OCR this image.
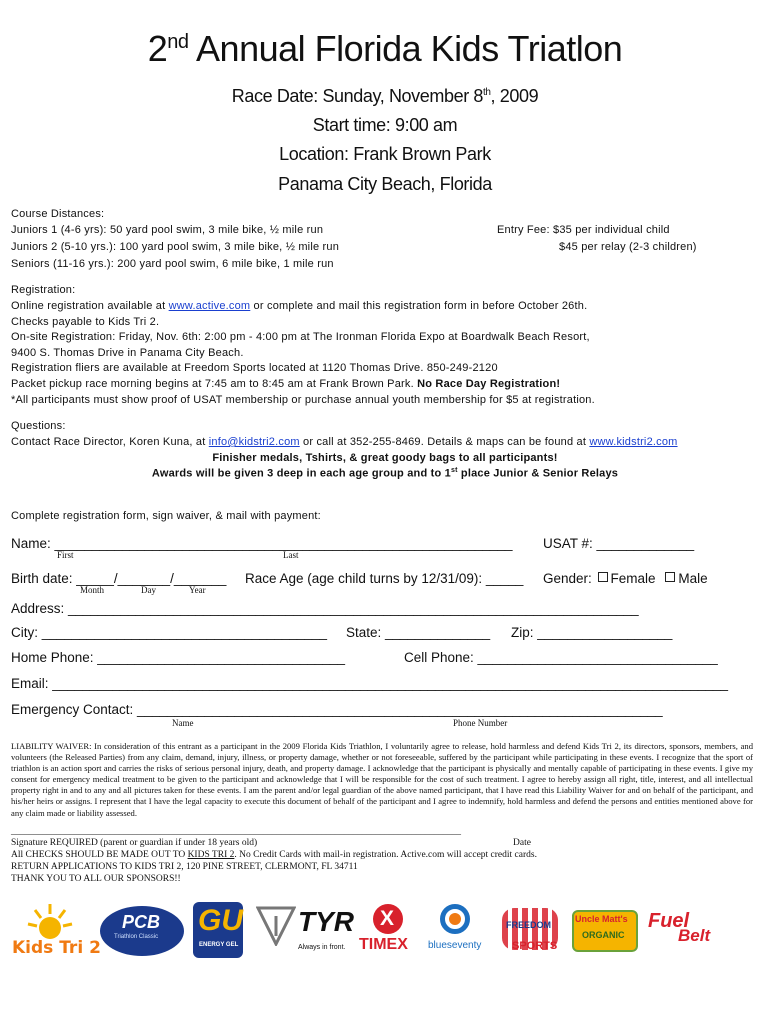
2nd Annual Florida Kids Triatlon
Race Date: Sunday, November 8th, 2009
Start time: 9:00 am
Location: Frank Brown Park
Panama City Beach, Florida
Course Distances:
Juniors 1 (4-6 yrs): 50 yard pool swim, 3 mile bike, ½ mile run
Juniors 2 (5-10 yrs.): 100 yard pool swim, 3 mile bike, ½ mile run
Seniors (11-16 yrs.): 200 yard pool swim, 6 mile bike, 1 mile run
Entry Fee: $35 per individual child
$45 per relay (2-3 children)
Registration:
Online registration available at www.active.com or complete and mail this registration form in before October 26th.
Checks payable to Kids Tri 2.
On-site Registration: Friday, Nov. 6th: 2:00 pm - 4:00 pm at The Ironman Florida Expo at Boardwalk Beach Resort,
9400 S. Thomas Drive in Panama City Beach.
Registration fliers are available at Freedom Sports located at 1120 Thomas Drive. 850-249-2120
Packet pickup race morning begins at 7:45 am to 8:45 am at Frank Brown Park. No Race Day Registration!
*All participants must show proof of USAT membership or purchase annual youth membership for $5 at registration.
Questions:
Contact Race Director, Koren Kuna, at info@kidstri2.com or call at 352-255-8469. Details & maps can be found at www.kidstri2.com
Finisher medals, Tshirts, & great goody bags to all participants!
Awards will be given 3 deep in each age group and to 1st place Junior & Senior Relays
Complete registration form, sign waiver, & mail with payment:
Name: _____________________________________________________________
First	Last
USAT #: _____________
Birth date: _____/_______/_______
Month	Day	Year
Race Age (age child turns by 12/31/09): _____ Gender: Female Male
Address: ____________________________________________________________________________
City: ______________________________________ State: ______________ Zip: __________________
Home Phone: _________________________________	Cell Phone: ________________________________
Email: __________________________________________________________________________________________
Emergency Contact: ______________________________________________________________________
Name	Phone Number
LIABILITY WAIVER: In consideration of this entrant as a participant in the 2009 Florida Kids Triathlon, I voluntarily agree to release, hold harmless and defend Kids Tri 2, its directors, sponsors, members, and volunteers (the Released Parties) from any claim, demand, injury, illness, or property damage, whether or not foreseeable, suffered by the participant while participating in these events. I recognize that the sport of triathlon is an action sport and carries the risks of serious personal injury, death, and property damage. I acknowledge that the participant is physically and mentally capable of participating in these events. I give my consent for emergency medical treatment to be given to the participant and acknowledge that I will be responsible for the cost of such treatment. I agree to hereby assign all right, title, interest, and all intellectual property right in and to any and all pictures taken for these events. I am the parent and/or legal guardian of the above named participant, that I have read this Liability Waiver for and on behalf of the participant, and his/her heirs or assigns. I represent that I have the legal capacity to execute this document of behalf of the participant and I agree to indemnify, hold harmless and defend the persons and entities mentioned above for any claim made or liability assessed.
____________________________________________________________________________________________________
Signature REQUIRED (parent or guardian if under 18 years old)	Date
All CHECKS SHOULD BE MADE OUT TO KIDS TRI 2. No Credit Cards with mail-in registration. Active.com will accept credit cards.
RETURN APPLICATIONS TO KIDS TRI 2, 120 PINE STREET, CLERMONT, FL 34711
THANK YOU TO ALL OUR SPONSORS!!
Kids Tri 2
PCB
Triathlon Classic GU
ENERGY GEL
TYR
Always in front.
X
TIMEX blueseventy
FREEDOM
SPORTS
Uncle Matt's
ORGANIC
Fuel
Belt
